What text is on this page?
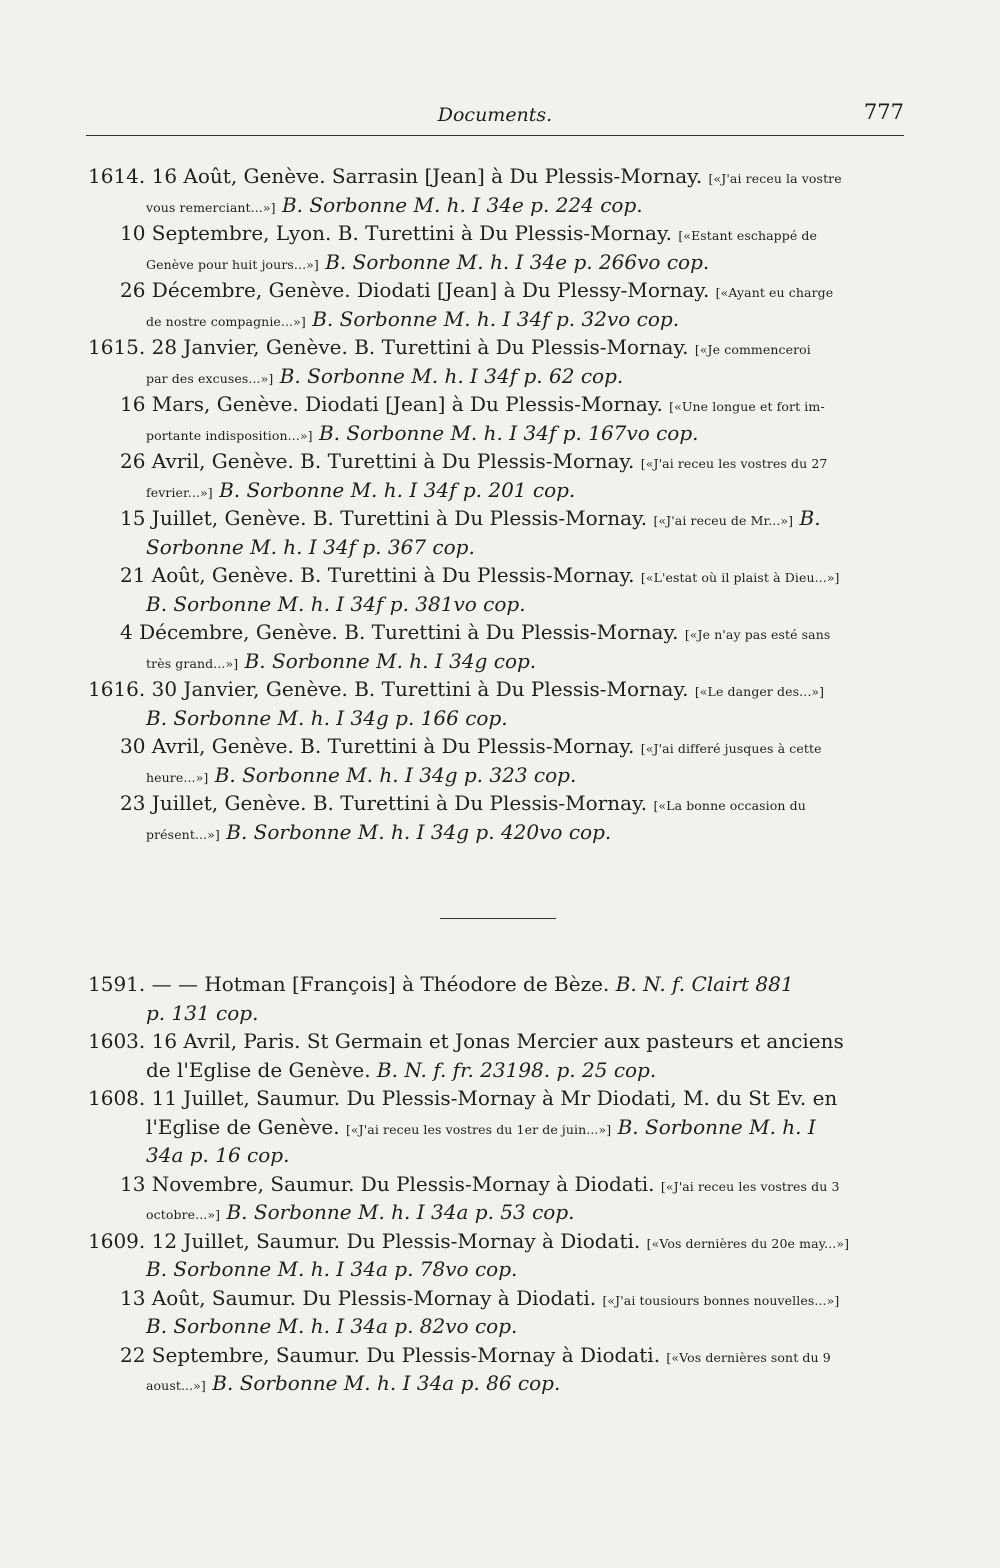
Documents.	777
1614. 16 Août, Genève. Sarrasin [Jean] à Du Plessis-Mornay. [«J'ai receu la vostre
vous remerciant...»] B. Sorbonne M. h. I 34e p. 224 cop.
10 Septembre, Lyon. B. Turettini à Du Plessis-Mornay. [«Estant eschappé de
Genève pour huit jours...»] B. Sorbonne M. h. I 34e p. 266vo cop.
26 Décembre, Genève. Diodati [Jean] à Du Plessy-Mornay. [«Ayant eu charge
de nostre compagnie...»] B. Sorbonne M. h. I 34f p. 32vo cop.
1615. 28 Janvier, Genève. B. Turettini à Du Plessis-Mornay. [«Je commenceroi
par des excuses...»] B. Sorbonne M. h. I 34f p. 62 cop.
16 Mars, Genève. Diodati [Jean] à Du Plessis-Mornay. [«Une longue et fort im-
portante indisposition...»] B. Sorbonne M. h. I 34f p. 167vo cop.
26 Avril, Genève. B. Turettini à Du Plessis-Mornay. [«J'ai receu les vostres du 27
fevrier...»] B. Sorbonne M. h. I 34f p. 201 cop.
15 Juillet, Genève. B. Turettini à Du Plessis-Mornay. [«J'ai receu de Mr...»] B.
Sorbonne M. h. I 34f p. 367 cop.
21 Août, Genève. B. Turettini à Du Plessis-Mornay. [«L'estat où il plaist à Dieu...»]
B. Sorbonne M. h. I 34f p. 381vo cop.
4 Décembre, Genève. B. Turettini à Du Plessis-Mornay. [«Je n'ay pas esté sans
très grand...»] B. Sorbonne M. h. I 34g cop.
1616. 30 Janvier, Genève. B. Turettini à Du Plessis-Mornay. [«Le danger des...»]
B. Sorbonne M. h. I 34g p. 166 cop.
30 Avril, Genève. B. Turettini à Du Plessis-Mornay. [«J'ai differé jusques à cette
heure...»] B. Sorbonne M. h. I 34g p. 323 cop.
23 Juillet, Genève. B. Turettini à Du Plessis-Mornay. [«La bonne occasion du
présent...»] B. Sorbonne M. h. I 34g p. 420vo cop.
1591. — — Hotman [François] à Théodore de Bèze. B. N. f. Clairt 881
p. 131 cop.
1603. 16 Avril, Paris. St Germain et Jonas Mercier aux pasteurs et anciens
de l'Eglise de Genève. B. N. f. fr. 23198. p. 25 cop.
1608. 11 Juillet, Saumur. Du Plessis-Mornay à Mr Diodati, M. du St Ev. en
l'Eglise de Genève. [«J'ai receu les vostres du 1er de juin...»] B. Sorbonne M. h. I
34a p. 16 cop.
13 Novembre, Saumur. Du Plessis-Mornay à Diodati. [«J'ai receu les vostres du 3
octobre...»] B. Sorbonne M. h. I 34a p. 53 cop.
1609. 12 Juillet, Saumur. Du Plessis-Mornay à Diodati. [«Vos dernières du 20e may...»]
B. Sorbonne M. h. I 34a p. 78vo cop.
13 Août, Saumur. Du Plessis-Mornay à Diodati. [«J'ai tousiours bonnes nouvelles...»]
B. Sorbonne M. h. I 34a p. 82vo cop.
22 Septembre, Saumur. Du Plessis-Mornay à Diodati. [«Vos dernières sont du 9
aoust...»] B. Sorbonne M. h. I 34a p. 86 cop.
